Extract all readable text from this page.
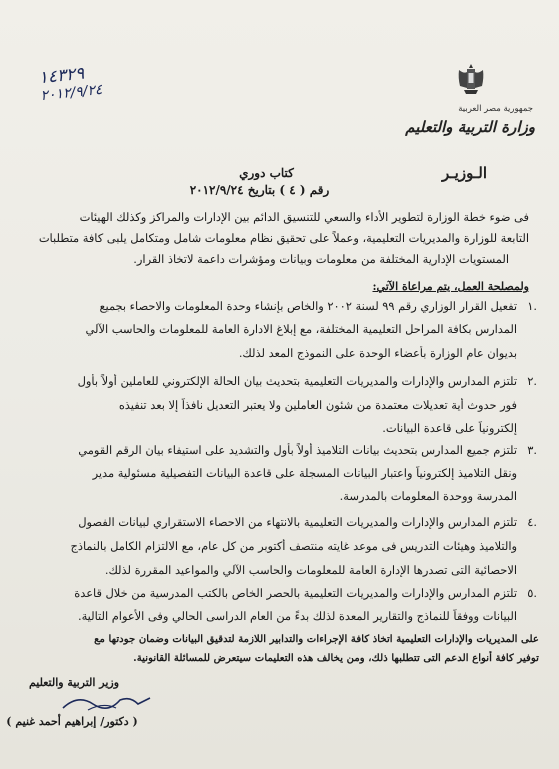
١٤٣٢٩
٢٠١٢/٩/٢٤
جمهورية مصر العربية
وزارة التربية والتعليم
الـوزيـر
كتاب دوري
رقم ( ٤ ) بتاريخ ٢٠١٢/٩/٢٤
فى ضوء خطة الوزارة لتطوير الأداء والسعي للتنسيق الدائم بين الإدارات والمراكز وكذلك الهيئات
التابعة للوزارة والمديريات التعليمية، وعملاً على تحقيق نظام معلومات شامل ومتكامل يلبى كافة متطلبات
المستويات الإدارية المختلفة من معلومات وبيانات ومؤشرات داعمة لاتخاذ القرار.
ولمصلحة العمل، يتم مراعاة الآتي:
١.
تفعيل القرار الوزاري رقم ٩٩ لسنة ٢٠٠٢ والخاص بإنشاء وحدة المعلومات والاحصاء بجميع
المدارس بكافة المراحل التعليمية المختلفة، مع إبلاغ الادارة العامة للمعلومات والحاسب الآلي
بديوان عام الوزارة بأعضاء الوحدة على النموذج المعد لذلك.
٢.
تلتزم المدارس والإدارات والمديريات التعليمية بتحديث بيان الحالة الإلكتروني للعاملين أولاً بأول
فور حدوث أية تعديلات معتمدة من شئون العاملين ولا يعتبر التعديل نافذاً إلا بعد تنفيذه
إلكترونياً على قاعدة البيانات.
٣.
تلتزم جميع المدارس بتحديث بيانات التلاميذ أولاً بأول والتشديد على استيفاء بيان الرقم القومي
ونقل التلاميذ إلكترونياً واعتبار البيانات المسجلة على قاعدة البيانات التفصيلية مسئولية مدير
المدرسة ووحدة المعلومات بالمدرسة.
٤.
تلتزم المدارس والإدارات والمديريات التعليمية بالانتهاء من الاحصاء الاستقراري لبيانات الفصول
والتلاميذ وهيئات التدريس فى موعد غايته منتصف أكتوبر من كل عام، مع الالتزام الكامل بالنماذج
الاحصائية التى تصدرها الإدارة العامة للمعلومات والحاسب الآلي والمواعيد المقررة لذلك.
٥.
تلتزم المدارس والإدارات والمديريات التعليمية بالحصر الخاص بالكتب المدرسية من خلال قاعدة
البيانات ووفقاً للنماذج والتقارير المعدة لذلك بدءً من العام الدراسى الحالي وفى الأعوام التالية.
على المديريات والإدارات التعليمية اتخاذ كافة الإجراءات والتدابير اللازمة لتدقيق البيانات وضمان جودتها مع
توفير كافة أنواع الدعم التى تتطلبها ذلك، ومن يخالف هذه التعليمات سيتعرض للمسائلة القانونية.
وزير التربية والتعليم
( دكتور/ إبراهيم أحمد غنيم )
